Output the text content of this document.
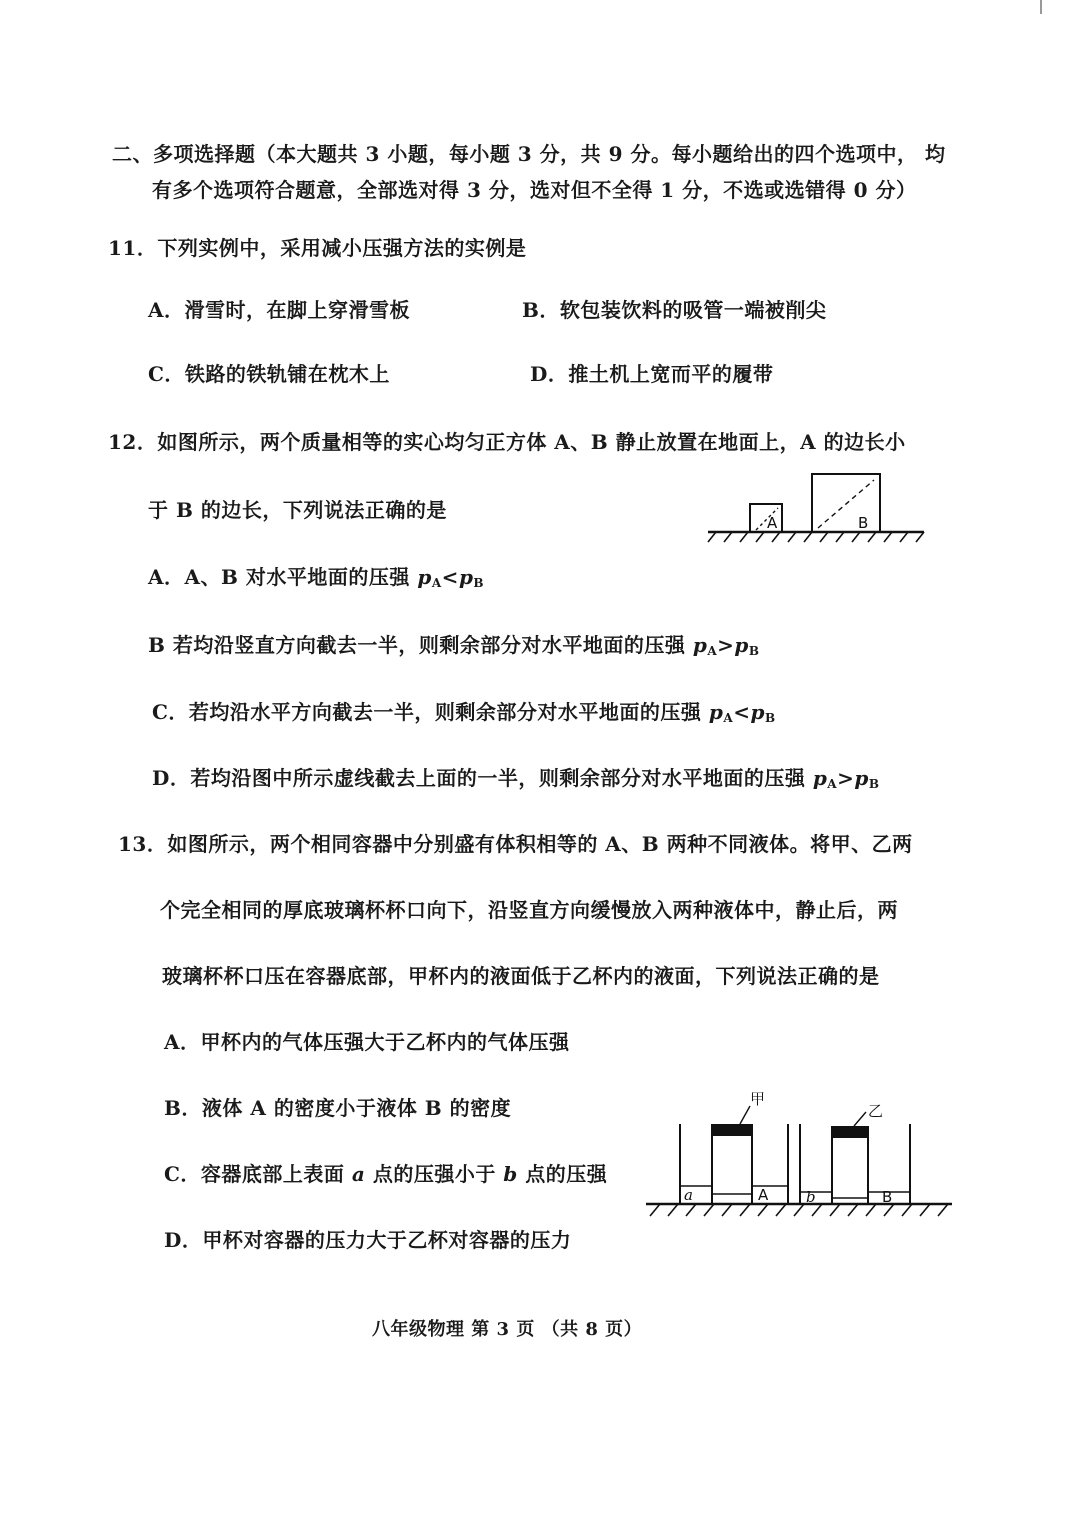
二、多项选择题（本大题共 3 小题，每小题 3 分，共 9 分。每小题给出的四个选项中， 均
有多个选项符合题意，全部选对得 3 分，选对但不全得 1 分，不选或选错得 0 分）
11．下列实例中，采用减小压强方法的实例是
A．滑雪时，在脚上穿滑雪板	B．软包装饮料的吸管一端被削尖
C．铁路的铁轨铺在枕木上	D．推土机上宽而平的履带
12．如图所示，两个质量相等的实心均匀正方体 A、B 静止放置在地面上，A 的边长小
于 B 的边长，下列说法正确的是
A	B
A．A、B 对水平地面的压强 $p_A<p_B$
B 若均沿竖直方向截去一半，则剩余部分对水平地面的压强 $p_A>p_B$
C．若均沿水平方向截去一半，则剩余部分对水平地面的压强 $p_A<p_B$
D．若均沿图中所示虚线截去上面的一半，则剩余部分对水平地面的压强 $p_A>p_B$
13．如图所示，两个相同容器中分别盛有体积相等的 A、B 两种不同液体。将甲、乙两
个完全相同的厚底玻璃杯杯口向下，沿竖直方向缓慢放入两种液体中，静止后，两
玻璃杯杯口压在容器底部，甲杯内的液面低于乙杯内的液面，下列说法正确的是
A．甲杯内的气体压强大于乙杯内的气体压强
B．液体 A 的密度小于液体 B 的密度
C．容器底部上表面 a 点的压强小于 b 点的压强
D．甲杯对容器的压力大于乙杯对容器的压力
甲
a	A
乙
b	B
八年级物理 第 3 页 （共 8 页）
